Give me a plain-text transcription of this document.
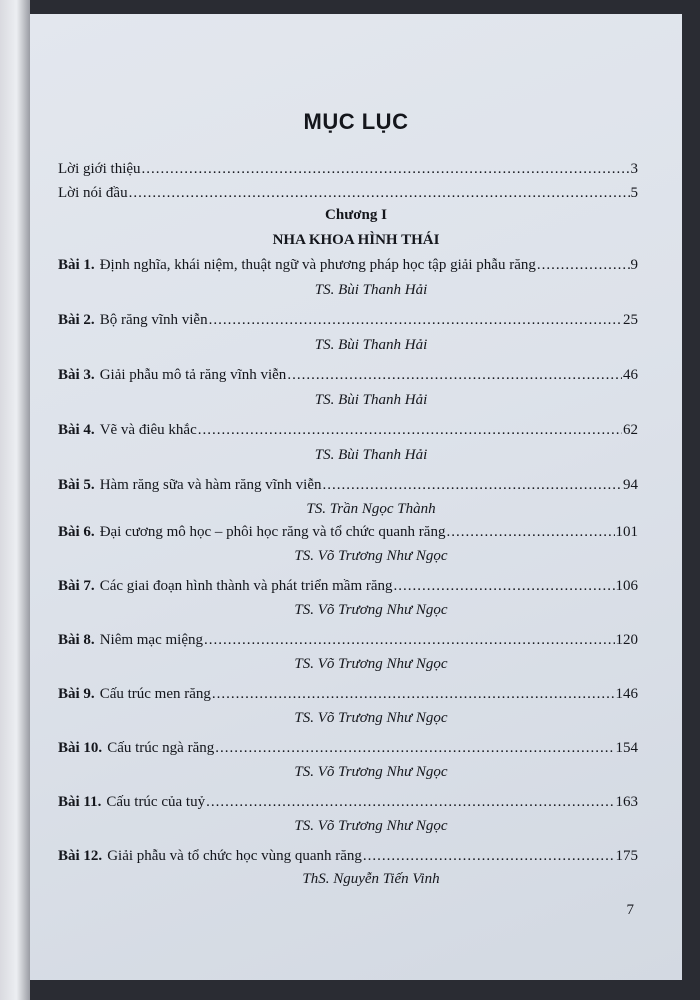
MỤC LỤC
Lời giới thiệu .....	3
Lời nói đầu .....	5
Chương I
NHA KHOA HÌNH THÁI
Bài 1. Định nghĩa, khái niệm, thuật ngữ và phương pháp học tập giải phẫu răng .....	9
TS. Bùi Thanh Hải
Bài 2. Bộ răng vĩnh viễn .....	25
TS. Bùi Thanh Hải
Bài 3. Giải phẫu mô tả răng vĩnh viễn .....	46
TS. Bùi Thanh Hải
Bài 4. Vẽ và điêu khắc .....	62
TS. Bùi Thanh Hải
Bài 5. Hàm răng sữa và hàm răng vĩnh viễn .....	94
TS. Trần Ngọc Thành
Bài 6. Đại cương mô học – phôi học răng và tổ chức quanh răng .....	101
TS. Võ Trương Như Ngọc
Bài 7. Các giai đoạn hình thành và phát triển mầm răng .....	106
TS. Võ Trương Như Ngọc
Bài 8. Niêm mạc miệng .....	120
TS. Võ Trương Như Ngọc
Bài 9. Cấu trúc men răng .....	146
TS. Võ Trương Như Ngọc
Bài 10. Cấu trúc ngà răng .....	154
TS. Võ Trương Như Ngọc
Bài 11. Cấu trúc của tuỷ .....	163
TS. Võ Trương Như Ngọc
Bài 12. Giải phẫu và tổ chức học vùng quanh răng .....	175
ThS. Nguyễn Tiến Vinh
7
